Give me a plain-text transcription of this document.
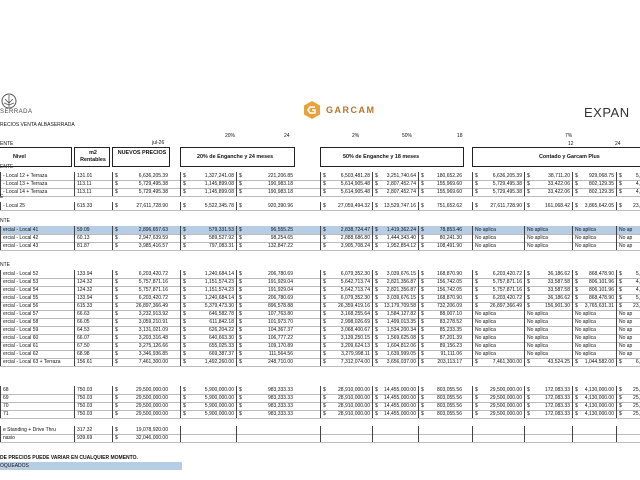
SERRADA	GARCAM	EXPAN
RECIOS VENTA ALBASERRADA
jul-26
20%	24	2%	50%	18	7%
12	24
ENTE
Nivel
m2 Rentables
NUEVOS PRECIOS
20% de Enganche y 24 meses	50% de Enganche y 18 meses	Contado y Garcam Plus
ENTE
- Local 12 + Terraza	131.01	$	6,636,205.39	$	1,327,241.08 $	221,206.85	$	6,503,481.28 $ 3,251,740.64 $	180,652.26	$	6,636,205.39 $	38,711.20 $ 929,068.75 $	5,
- Local 13 + Terraza	113.11	$	5,729,495.38	$	1,145,899.08 $	190,983.18	$	5,614,905.48 $ 2,807,452.74 $	155,969.60	$	5,729,495.38 $	33,422.06 $ 802,129.35 $	4,
- Local 14 + Terraza	113.11	$	5,729,495.38	$	1,145,899.08 $	190,983.18	$	5,614,905.48 $ 2,807,452.74 $	155,969.60	$	5,729,495.38 $	33,422.06 $ 802,129.35 $	4,
E
- Local 25	615.33	$	27,611,728.90	$	5,522,345.78 $	920,390.96	$ 27,059,494.32 $ 13,529,747.16 $	751,652.62	$	27,611,728.90 $	161,068.42 $ 3,865,642.05 $ 23,
NTE
ercial - Local 41	59.09	$	2,896,657.63	$	579,331.53 $	96,555.25	$	2,838,724.47 $ 1,419,362.24 $	78,853.46	No aplica	No aplica	No aplica	No ap
ercial - Local 42	60.13	$	2,947,639.59	$	589,527.92 $	98,254.65	$	2,888,686.80 $ 1,444,343.40 $	80,241.30	No aplica	No aplica	No aplica	No ap
ercial - Local 43	81.87	$	3,985,416.57	$	797,083.31 $	132,847.22	$	3,905,708.24 $ 1,952,854.12 $	108,491.90	No aplica	No aplica	No aplica	No ap
NTE
ercial - Local 52	133.94	$	6,203,420.72	$	1,240,684.14 $	206,780.69	$	6,079,352.30 $ 3,039,676.15 $	168,870.90	$	6,203,420.72 $	36,186.62 $ 868,478.90 $	5,
ercial - Local 53	124.32	$	5,757,871.16	$	1,151,574.23 $	191,929.04	$	5,642,713.74 $ 2,821,356.87 $	156,742.05	$	5,757,871.16 $	33,587.58 $ 806,101.96 $	4,
ercial - Local 54	124.32	$	5,757,871.16	$	1,151,574.23 $	191,929.04	$	5,642,713.74 $ 2,821,356.87 $	156,742.05	$	5,757,871.16 $	33,587.58 $ 806,101.96 $	4,
ercial - Local 55	133.94	$	6,203,420.72	$	1,240,684.14 $	206,780.69	$	6,079,352.30 $ 3,039,676.15 $	168,870.90	$	6,203,420.72 $	36,186.62 $ 868,478.90 $	5,
ercial - Local 56	615.33	$	26,897,366.49	$	5,379,473.30 $	896,578.88	$ 26,359,419.16 $ 13,179,709.58 $	732,206.09	$ 26,897,366.49 $	156,901.30 $ 3,765,631.31 $ 23,
ercial - Local 57	66.63	$	3,232,913.92	$	646,582.78 $	107,763.80	$	3,168,255.64 $ 1,584,127.82 $	88,007.10	No aplica	No aplica	No aplica	No ap
ercial - Local 58	66.05	$	3,059,210.91	$	611,842.18 $	101,973.70	$	2,998,026.69 $ 1,499,013.35 $	83,278.52	No aplica	No aplica	No aplica	No ap
ercial - Local 59	64.53	$	3,131,021.09	$	626,204.22 $	104,367.37	$	3,068,400.67 $ 1,534,200.34 $	85,233.35	No aplica	No aplica	No aplica	No ap
ercial - Local 60	66.07	$	3,203,316.48	$	640,663.30 $	106,777.22	$	3,139,250.15 $ 1,569,625.08 $	87,201.39	No aplica	No aplica	No aplica	No ap
ercial - Local 61	67.50	$	3,275,126.66	$	655,025.33 $	109,170.89	$	3,209,624.13 $ 1,604,812.06 $	89,156.23	No aplica	No aplica	No aplica	No ap
ercial - Local 62	68.98	$	3,346,936.85	$	669,387.37 $	111,564.56	$	3,279,998.11 $ 1,639,999.05 $	91,111.06	No aplica	No aplica	No aplica	No ap
ercial - Local 63 + Terraza	156.61	$	7,461,300.00	$	1,492,260.00 $	248,710.00	$	7,312,074.00 $ 3,656,037.00 $	203,113.17	$	7,461,300.00 $	43,524.25 $ 1,044,582.00 $	6,
68	750.03	$	29,500,000.00	$	5,900,000.00 $	983,333.33	$ 28,910,000.00 $ 14,455,000.00 $	803,055.56	$ 29,500,000.00 $	172,083.33 $ 4,130,000.00 $ 25,
69	750.03	$	29,500,000.00	$	5,900,000.00 $	983,333.33	$ 28,910,000.00 $ 14,455,000.00 $	803,055.56	$ 29,500,000.00 $	172,083.33 $ 4,130,000.00 $ 25,
70	750.03	$	29,500,000.00	$	5,900,000.00 $	983,333.33	$ 28,910,000.00 $ 14,455,000.00 $	803,055.56	$ 29,500,000.00 $	172,083.33 $ 4,130,000.00 $ 25,
71	750.03	$	29,500,000.00	$	5,900,000.00 $	983,333.33	$ 28,910,000.00 $ 14,455,000.00 $	803,055.56	$ 29,500,000.00 $	172,083.33 $ 4,130,000.00 $ 25,
e Standing + Drive Thru	317.32	$	19,078,920.00
nasio	939.69	$	32,046,000.00
DE PRECIOS PUEDE VARIAR EN CUALQUIER MOMENTO.
OQUEADOS
